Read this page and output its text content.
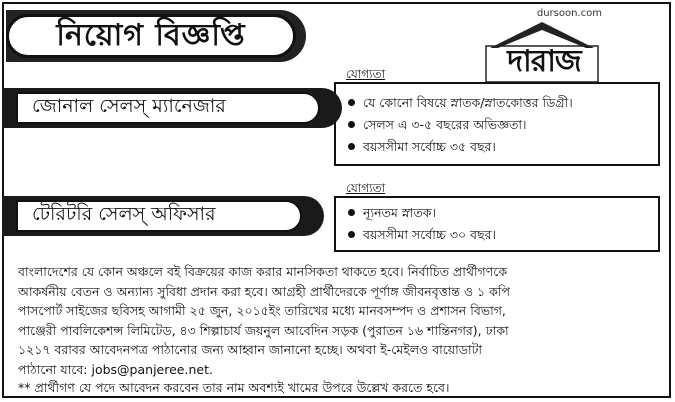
নিয়োগ বিজ্ঞপ্তি
dursoon.com
দারাজ
যোগ্যতা
যে কোনো বিষয়ে স্নাতক/স্নাতকোত্তর ডিগ্রী।
সেলস এ ৩-৫ বছরের অভিজ্ঞতা।
বয়সসীমা সর্বোচ্চ ৩৫ বছর।
জোনাল সেলস্ ম্যানেজার
যোগ্যতা
ন্যূনতম স্নাতক।
বয়সসীমা সর্বোচ্চ ৩০ বছর।
টেরিটরি সেলস্ অফিসার

বাংলাদেশের যে কোন অঞ্চলে বই বিক্রয়ের কাজ করার মানসিকতা থাকতে হবে। নির্বাচিত প্রার্থীগণকে

আকর্ষনীয় বেতন ও অন্যান্য সুবিধা প্রদান করা হবে। আগ্রহী প্রার্থীদেরকে পূর্ণাঙ্গ জীবনবৃত্তান্ত ও ১ কপি

পাসপোর্ট সাইজের ছবিসহ আগামী ২৫ জুন, ২০১৫ইং তারিখের মধ্যে মানবসম্পদ ও প্রশাসন বিভাগ,

পাঞ্জেরী পাবলিকেশন্স লিমিটেড, ৪৩ শিল্পাচার্য জয়নুল আবেদিন সড়ক (পুরাতন ১৬ শান্তিনগর), ঢাকা

১২১৭ বরাবর আবেদনপত্র পাঠানোর জন্য আহ্বান জানানো হচ্ছে। অথবা ই-মেইলও বায়োডাটা

পাঠানো যাবে: jobs@panjeree.net.

** প্রার্থীগণ যে পদে আবেদন করবেন তার নাম অবশ্যই খামের উপরে উল্লেখ করতে হবে।
